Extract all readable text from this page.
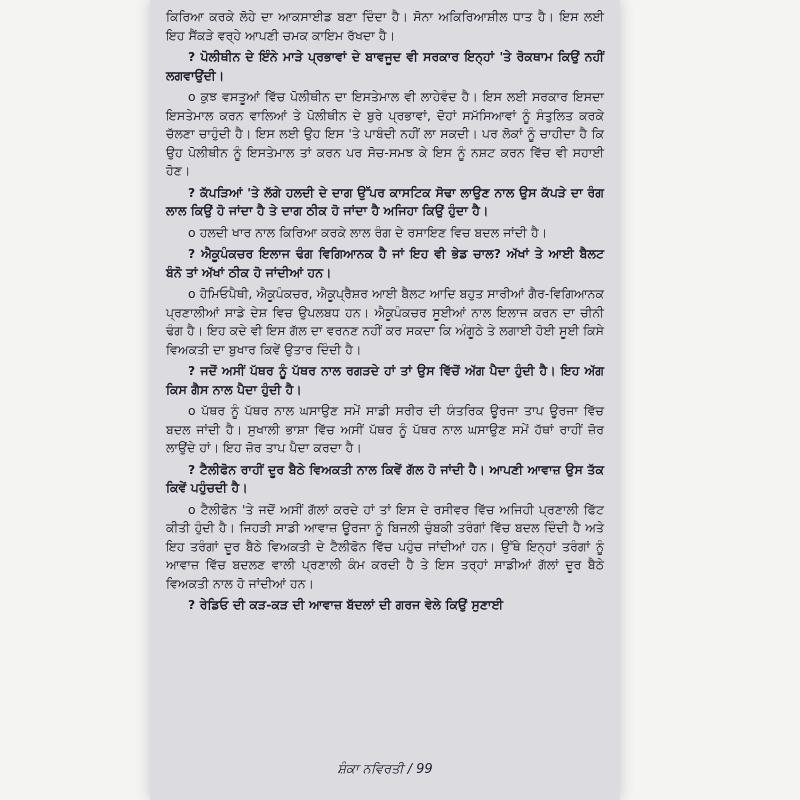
ਕਿਰਿਆ ਕਰਕੇ ਲੋਹੇ ਦਾ ਆਕਸਾਈਡ ਬਣਾ ਦਿੰਦਾ ਹੈ। ਸੋਨਾ ਅਕਿਰਿਆਸ਼ੀਲ ਧਾਤ ਹੈ। ਇਸ ਲਈ ਇਹ ਸੈਂਕੜੇ ਵਰ੍ਹੇ ਆਪਣੀ ਚਮਕ ਕਾਇਮ ਰੱਖਦਾ ਹੈ।

? ਪੋਲੀਥੀਨ ਦੇ ਇੰਨੇ ਮਾੜੇ ਪ੍ਰਭਾਵਾਂ ਦੇ ਬਾਵਜੂਦ ਵੀ ਸਰਕਾਰ ਇਨ੍ਹਾਂ 'ਤੇ ਰੋਕਥਾਮ ਕਿਉਂ ਨਹੀਂ ਲਗਵਾਉਂਦੀ।

o ਕੁਝ ਵਸਤੂਆਂ ਵਿੱਚ ਪੋਲੀਥੀਨ ਦਾ ਇਸਤੇਮਾਲ ਵੀ ਲਾਹੇਵੰਦ ਹੈ। ਇਸ ਲਈ ਸਰਕਾਰ ਇਸਦਾ ਇਸਤੇਮਾਲ ਕਰਨ ਵਾਲਿਆਂ ਤੇ ਪੋਲੀਥੀਨ ਦੇ ਬੁਰੇ ਪ੍ਰਭਾਵਾਂ, ਦੋਹਾਂ ਸਮੱਸਿਆਵਾਂ ਨੂੰ ਸੰਤੁਲਿਤ ਕਰਕੇ ਚੱਲਣਾ ਚਾਹੁੰਦੀ ਹੈ। ਇਸ ਲਈ ਉਹ ਇਸ 'ਤੇ ਪਾਬੰਦੀ ਨਹੀਂ ਲਾ ਸਕਦੀ। ਪਰ ਲੋਕਾਂ ਨੂੰ ਚਾਹੀਦਾ ਹੈ ਕਿ ਉਹ ਪੋਲੀਥੀਨ ਨੂੰ ਇਸਤੇਮਾਲ ਤਾਂ ਕਰਨ ਪਰ ਸੋਚ-ਸਮਝ ਕੇ ਇਸ ਨੂੰ ਨਸ਼ਟ ਕਰਨ ਵਿੱਚ ਵੀ ਸਹਾਈ ਹੋਣ।

? ਕੱਪੜਿਆਂ 'ਤੇ ਲੱਗੇ ਹਲਦੀ ਦੇ ਦਾਗ ਉੱਪਰ ਕਾਸਟਿਕ ਸੋਢਾ ਲਾਉਣ ਨਾਲ ਉਸ ਕੱਪੜੇ ਦਾ ਰੰਗ ਲਾਲ ਕਿਉਂ ਹੋ ਜਾਂਦਾ ਹੈ ਤੇ ਦਾਗ ਠੀਕ ਹੋ ਜਾਂਦਾ ਹੈ ਅਜਿਹਾ ਕਿਉਂ ਹੁੰਦਾ ਹੈ।

o ਹਲਦੀ ਖਾਰ ਨਾਲ ਕਿਰਿਆ ਕਰਕੇ ਲਾਲ ਰੰਗ ਦੇ ਰਸਾਇਣ ਵਿਚ ਬਦਲ ਜਾਂਦੀ ਹੈ।

? ਐਕੂਪੰਕਚਰ ਇਲਾਜ ਢੰਗ ਵਿਗਿਆਨਕ ਹੈ ਜਾਂ ਇਹ ਵੀ ਭੇਡ ਚਾਲ? ਅੱਖਾਂ ਤੇ ਆਈ ਬੈਲਟ ਬੰਨੋ ਤਾਂ ਅੱਖਾਂ ਠੀਕ ਹੋ ਜਾਂਦੀਆਂ ਹਨ।

o ਹੋਮਿਓਪੈਥੀ, ਐਕੂਪੰਕਚਰ, ਐਕੂਪ੍ਰੈਸ਼ਰ ਆਈ ਬੈਲਟ ਆਦਿ ਬਹੁਤ ਸਾਰੀਆਂ ਗੈਰ-ਵਿਗਿਆਨਕ ਪ੍ਰਣਾਲੀਆਂ ਸਾਡੇ ਦੇਸ਼ ਵਿਚ ਉਪਲਬਧ ਹਨ। ਐਕੂਪੰਕਚਰ ਸੂਈਆਂ ਨਾਲ ਇਲਾਜ ਕਰਨ ਦਾ ਚੀਨੀ ਢੰਗ ਹੈ। ਇਹ ਕਦੇ ਵੀ ਇਸ ਗੱਲ ਦਾ ਵਰਨਣ ਨਹੀਂ ਕਰ ਸਕਦਾ ਕਿ ਅੰਗੂਠੇ ਤੇ ਲਗਾਈ ਹੋਈ ਸੂਈ ਕਿਸੇ ਵਿਅਕਤੀ ਦਾ ਬੁਖਾਰ ਕਿਵੇਂ ਉਤਾਰ ਦਿੰਦੀ ਹੈ।

? ਜਦੋਂ ਅਸੀਂ ਪੱਥਰ ਨੂੰ ਪੱਥਰ ਨਾਲ ਰਗੜਦੇ ਹਾਂ ਤਾਂ ਉਸ ਵਿੱਚੋਂ ਅੱਗ ਪੈਦਾ ਹੁੰਦੀ ਹੈ। ਇਹ ਅੱਗ ਕਿਸ ਗੈਸ ਨਾਲ ਪੈਦਾ ਹੁੰਦੀ ਹੈ।

o ਪੱਥਰ ਨੂੰ ਪੱਥਰ ਨਾਲ ਘਸਾਉਣ ਸਮੇਂ ਸਾਡੀ ਸਰੀਰ ਦੀ ਯੰਤਰਿਕ ਊਰਜਾ ਤਾਪ ਊਰਜਾ ਵਿੱਚ ਬਦਲ ਜਾਂਦੀ ਹੈ। ਸੁਖਾਲੀ ਭਾਸ਼ਾ ਵਿੱਚ ਅਸੀਂ ਪੱਥਰ ਨੂੰ ਪੱਥਰ ਨਾਲ ਘਸਾਉਣ ਸਮੇਂ ਹੱਥਾਂ ਰਾਹੀਂ ਜ਼ੋਰ ਲਾਉਂਦੇ ਹਾਂ। ਇਹ ਜ਼ੋਰ ਤਾਪ ਪੈਦਾ ਕਰਦਾ ਹੈ।

? ਟੈਲੀਫੋਨ ਰਾਹੀਂ ਦੂਰ ਬੈਠੇ ਵਿਅਕਤੀ ਨਾਲ ਕਿਵੇਂ ਗੱਲ ਹੋ ਜਾਂਦੀ ਹੈ। ਆਪਣੀ ਆਵਾਜ਼ ਉਸ ਤੱਕ ਕਿਵੇਂ ਪਹੁੰਚਦੀ ਹੈ।

o ਟੈਲੀਫੋਨ 'ਤੇ ਜਦੋਂ ਅਸੀਂ ਗੱਲਾਂ ਕਰਦੇ ਹਾਂ ਤਾਂ ਇਸ ਦੇ ਰਸੀਵਰ ਵਿੱਚ ਅਜਿਹੀ ਪ੍ਰਣਾਲੀ ਫਿੱਟ ਕੀਤੀ ਹੁੰਦੀ ਹੈ। ਜਿਹੜੀ ਸਾਡੀ ਆਵਾਜ਼ ਊਰਜਾ ਨੂੰ ਬਿਜਲੀ ਚੁੰਬਕੀ ਤਰੰਗਾਂ ਵਿੱਚ ਬਦਲ ਦਿੰਦੀ ਹੈ ਅਤੇ ਇਹ ਤਰੰਗਾਂ ਦੂਰ ਬੈਠੇ ਵਿਅਕਤੀ ਦੇ ਟੈਲੀਫੋਨ ਵਿੱਚ ਪਹੁੰਚ ਜਾਂਦੀਆਂ ਹਨ। ਉੱਥੇ ਇਨ੍ਹਾਂ ਤਰੰਗਾਂ ਨੂੰ ਆਵਾਜ਼ ਵਿੱਚ ਬਦਲਣ ਵਾਲੀ ਪ੍ਰਣਾਲੀ ਕੰਮ ਕਰਦੀ ਹੈ ਤੇ ਇਸ ਤਰ੍ਹਾਂ ਸਾਡੀਆਂ ਗੱਲਾਂ ਦੂਰ ਬੈਠੇ ਵਿਅਕਤੀ ਨਾਲ ਹੋ ਜਾਂਦੀਆਂ ਹਨ।

? ਰੇਡਿਓ ਦੀ ਕੜ-ਕੜ ਦੀ ਆਵਾਜ਼ ਬੱਦਲਾਂ ਦੀ ਗਰਜ ਵੇਲੇ ਕਿਉਂ ਸੁਣਾਈ

ਸ਼ੰਕਾ ਨਵਿਰਤੀ / 99
